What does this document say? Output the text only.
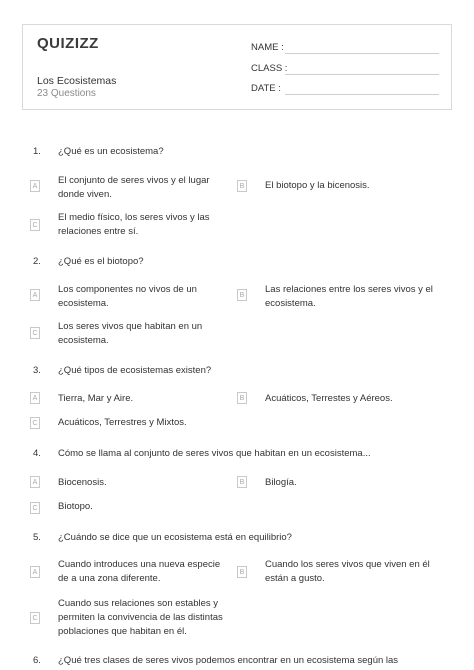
QUIZIZZ
Los Ecosistemas
23 Questions
NAME :
CLASS :
DATE :
1. ¿Qué es un ecosistema?
A
El conjunto de seres vivos y el lugar donde viven.
B El biotopo y la bicenosis.
C
El medio físico, los seres vivos y las relaciones entre sí.
2. ¿Qué es el biotopo?
A
Los componentes no vivos de un ecosistema.
B
Las relaciones entre los seres vivos y el ecosistema.
C
Los seres vivos que habitan en un ecosistema.
3. ¿Qué tipos de ecosistemas existen?
A Tierra, Mar y Aire.	B Acuáticos, Terrestes y Aéreos.
C Acuáticos, Terrestres y Mixtos.
4. Cómo se llama al conjunto de seres vivos que habitan en un ecosistema...
A Biocenosis.	B Bilogía.
C Biotopo.
5. ¿Cuándo se dice que un ecosistema está en equilibrio?
A
Cuando introduces una nueva especie de a una zona diferente.
B
Cuando los seres vivos que viven en él están a gusto.
C
Cuando sus relaciones son estables y permiten la convivencia de las distintas poblaciones que habitan en él.
6. ¿Qué tres clases de seres vivos podemos encontrar en un ecosistema según las
